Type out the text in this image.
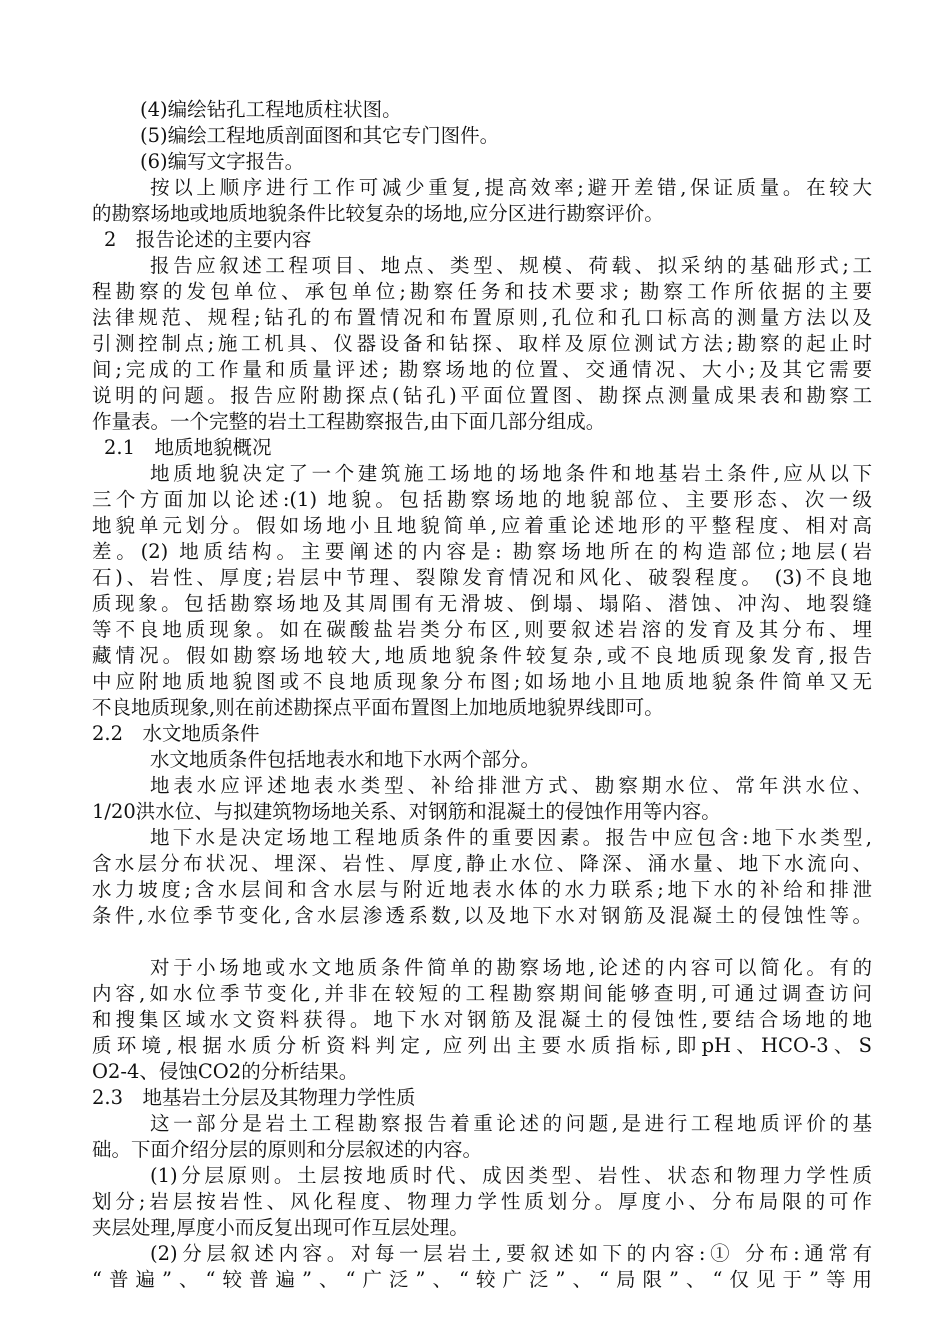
(4)编绘钻孔工程地质柱状图。
(5)编绘工程地质剖面图和其它专门图件。
(6)编写文字报告。
按以上顺序进行工作可减少重复,提高效率;避开差错,保证质量。在较大
的勘察场地或地质地貌条件比较复杂的场地,应分区进行勘察评价。
2　报告论述的主要内容
报告应叙述工程项目、地点、类型、规模、荷载、拟采纳的基础形式;工
程勘察的发包单位、承包单位;勘察任务和技术要求; 勘察工作所依据的主要
法律规范、规程;钻孔的布置情况和布置原则,孔位和孔口标高的测量方法以及
引测控制点;施工机具、仪器设备和钻探、取样及原位测试方法;勘察的起止时
间;完成的工作量和质量评述; 勘察场地的位置、交通情况、大小;及其它需要
说明的问题。报告应附勘探点(钻孔)平面位置图、勘探点测量成果表和勘察工
作量表。一个完整的岩土工程勘察报告,由下面几部分组成。
2.1　地质地貌概况
地质地貌决定了一个建筑施工场地的场地条件和地基岩土条件,应从以下
三个方面加以论述:(1) 地貌。包括勘察场地的地貌部位、主要形态、次一级
地貌单元划分。假如场地小且地貌简单,应着重论述地形的平整程度、相对高
差。(2) 地质结构。主要阐述的内容是: 勘察场地所在的构造部位;地层(岩
石)、岩性、厚度;岩层中节理、裂隙发育情况和风化、破裂程度。 (3)不良地
质现象。包括勘察场地及其周围有无滑坡、倒塌、塌陷、潜蚀、冲沟、地裂缝
等不良地质现象。如在碳酸盐岩类分布区,则要叙述岩溶的发育及其分布、埋
藏情况。假如勘察场地较大,地质地貌条件较复杂,或不良地质现象发育,报告
中应附地质地貌图或不良地质现象分布图;如场地小且地质地貌条件简单又无
不良地质现象,则在前述勘探点平面布置图上加地质地貌界线即可。
2.2　水文地质条件
水文地质条件包括地表水和地下水两个部分。
地表水应评述地表水类型、补给排泄方式、勘察期水位、常年洪水位、
1/20洪水位、与拟建筑物场地关系、对钢筋和混凝土的侵蚀作用等内容。
地下水是决定场地工程地质条件的重要因素。报告中应包含:地下水类型,
含水层分布状况、埋深、岩性、厚度,静止水位、降深、涌水量、地下水流向、
水力坡度;含水层间和含水层与附近地表水体的水力联系;地下水的补给和排泄
条件,水位季节变化,含水层渗透系数,以及地下水对钢筋及混凝土的侵蚀性等。
对于小场地或水文地质条件简单的勘察场地,论述的内容可以简化。有的
内容,如水位季节变化,并非在较短的工程勘察期间能够查明,可通过调查访问
和搜集区域水文资料获得。地下水对钢筋及混凝土的侵蚀性,要结合场地的地
质环境,根据水质分析资料判定, 应列出主要水质指标,即pH、HCO-3、S
O2-4、侵蚀CO2的分析结果。
2.3　地基岩土分层及其物理力学性质
这一部分是岩土工程勘察报告着重论述的问题,是进行工程地质评价的基
础。下面介绍分层的原则和分层叙述的内容。
(1)分层原则。土层按地质时代、成因类型、岩性、状态和物理力学性质
划分;岩层按岩性、风化程度、物理力学性质划分。厚度小、分布局限的可作
夹层处理,厚度小而反复出现可作互层处理。
(2)分层叙述内容。对每一层岩土,要叙述如下的内容:① 分布:通常有
“普遍”、“较普遍”、“广泛”、“较广泛”、“局限”、“仅见于”等用
